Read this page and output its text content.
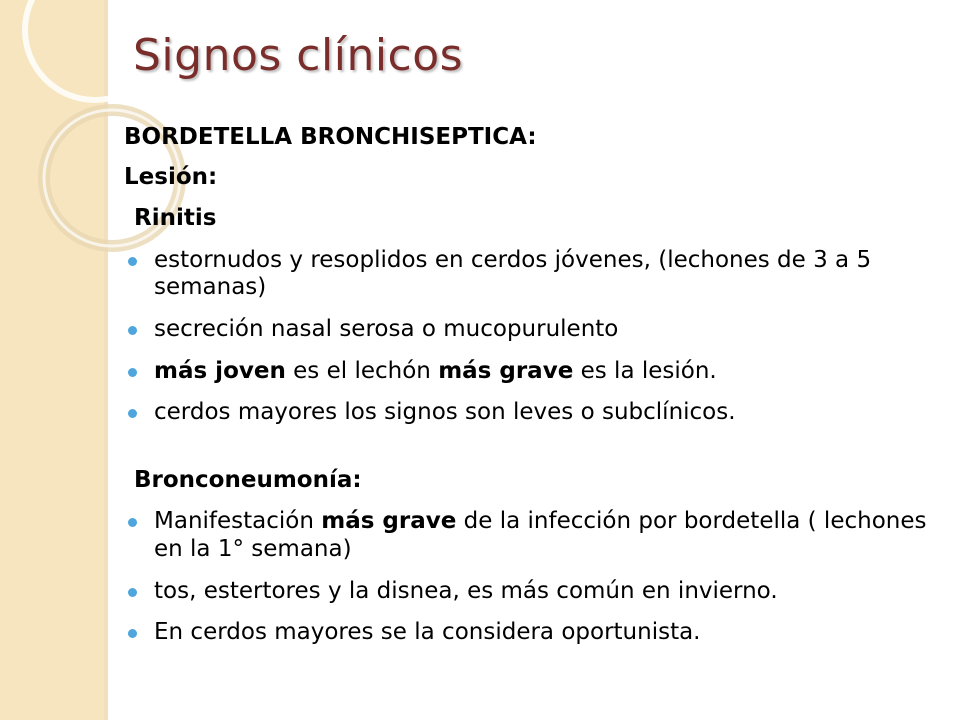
Signos clínicos

BORDETELLA BRONCHISEPTICA:

Lesión:

Rinitis

estornudos y resoplidos en cerdos jóvenes, (lechones de 3 a 5 semanas)
secreción nasal serosa o mucopurulento
más joven es el lechón más grave es la lesión.
cerdos mayores los signos son leves o subclínicos.

Bronconeumonía:

Manifestación más grave de la infección por bordetella ( lechones en la 1° semana)
tos, estertores y la disnea, es más común en invierno.
En cerdos mayores se la considera oportunista.
